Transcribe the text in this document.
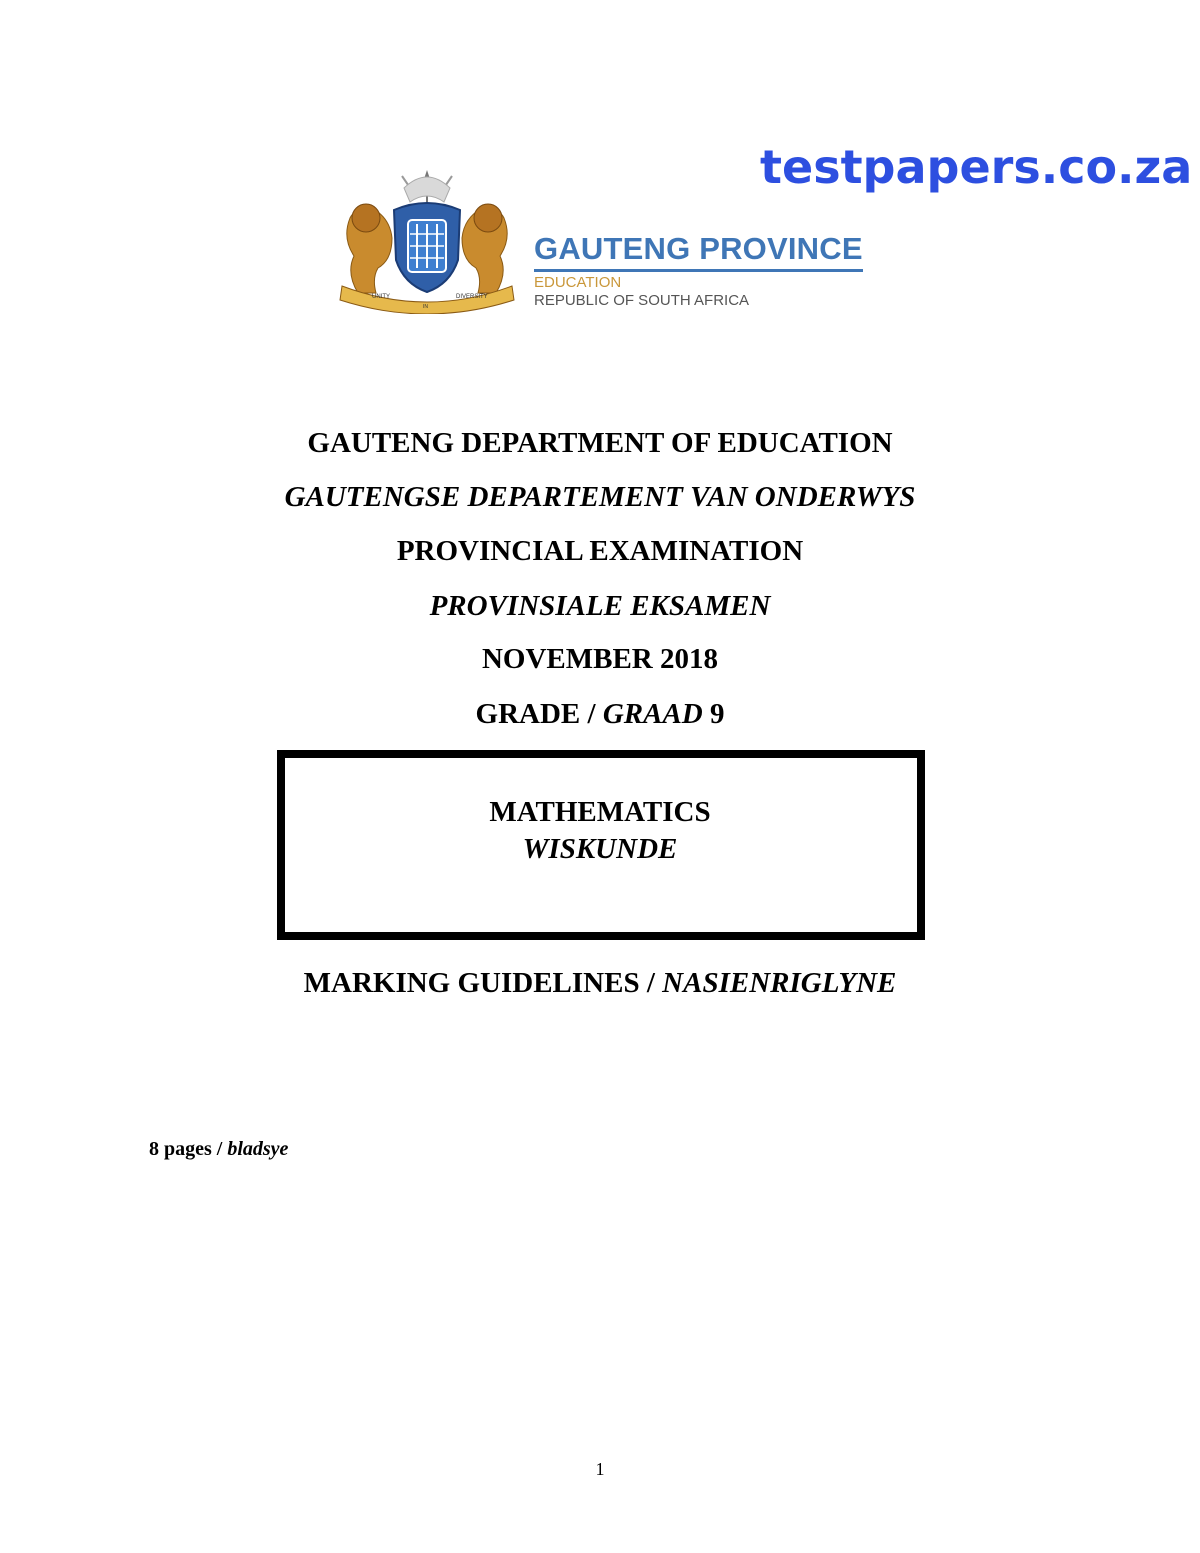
testpapers.co.za
UNITY
IN
DIVERSITY
GAUTENG PROVINCE
EDUCATION
REPUBLIC OF SOUTH AFRICA
GAUTENG DEPARTMENT OF EDUCATION
GAUTENGSE DEPARTEMENT VAN ONDERWYS
PROVINCIAL EXAMINATION
PROVINSIALE EKSAMEN
NOVEMBER 2018
GRADE / GRAAD 9
MATHEMATICS
WISKUNDE
MARKING GUIDELINES / NASIENRIGLYNE
8 pages / bladsye
1
